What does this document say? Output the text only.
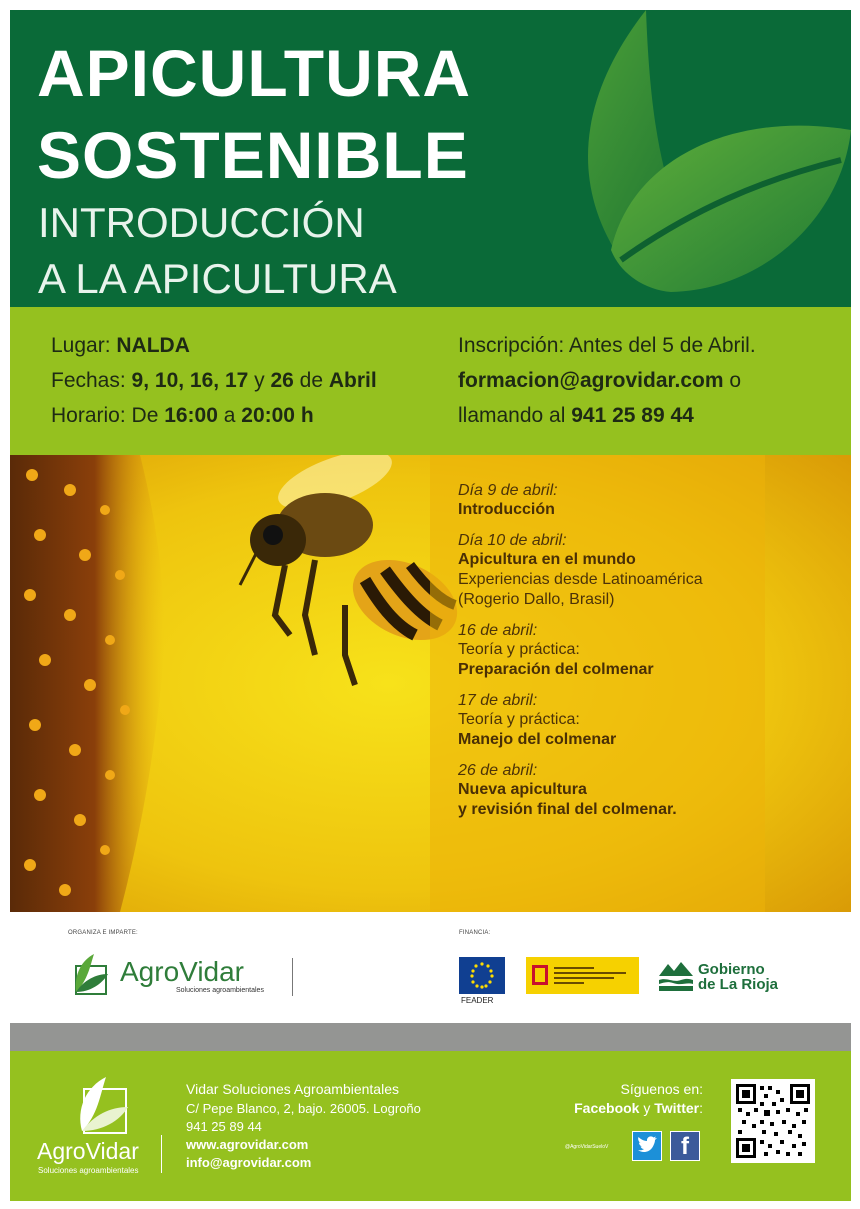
APICULTURA
SOSTENIBLE
INTRODUCCIÓN
A LA APICULTURA
Lugar: NALDA
Fechas: 9, 10, 16, 17 y 26 de Abril
Horario: De 16:00 a 20:00 h
Inscripción: Antes del 5 de Abril.
formacion@agrovidar.com o
llamando al 941 25 89 44
Día 9 de abril:
Introducción
Día 10 de abril:
Apicultura en el mundo
Experiencias desde Latinoamérica
(Rogerio Dallo, Brasil)
16 de abril:
Teoría y práctica:
Preparación del colmenar
17 de abril:
Teoría y práctica:
Manejo del colmenar
26 de abril:
Nueva apicultura
y revisión final del colmenar.
ORGANIZA E IMPARTE:	FINANCIA:
AgroVidar
Soluciones agroambientales
FEADER
Gobierno
de La Rioja
AgroVidar
Soluciones agroambientales
Vidar Soluciones Agroambientales
C/ Pepe Blanco, 2, bajo. 26005. Logroño
941 25 89 44
www.agrovidar.com
info@agrovidar.com
Síguenos en:
Facebook y Twitter:
@AgroVidarSueloV	f
